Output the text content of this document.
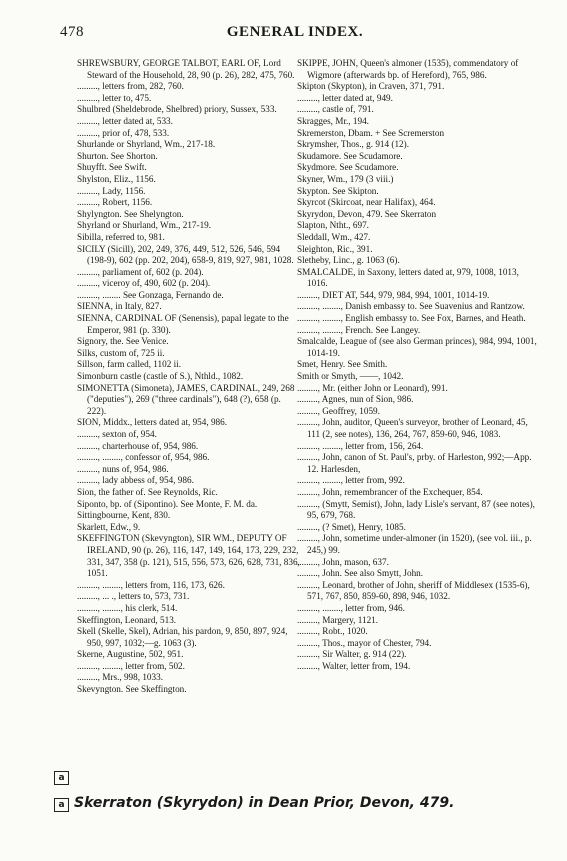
478	GENERAL INDEX.
SHREWSBURY, GEORGE TALBOT, EARL OF, Lord Steward of the Household, 28, 90 (p. 26), 282, 475, 760.
........., letters from, 282, 760.
........., letter to, 475.
Shulbred (Sheldebrode, Shelbred) priory, Sussex, 533.
........., letter dated at, 533.
........., prior of, 478, 533.
Shurlande or Shyrland, Wm., 217-18.
Shurton. See Shorton.
Shuyfft. See Swift.
Shylston, Eliz., 1156.
........., Lady, 1156.
........., Robert, 1156.
Shylyngton. See Shelyngton.
Shyrland or Shurland, Wm., 217-19.
Sibilla, referred to, 981.
SICILY (Sicill), 202, 249, 376, 449, 512, 526, 546, 594 (198-9), 602 (pp. 202, 204), 658-9, 819, 927, 981, 1028.
........., parliament of, 602 (p. 204).
........., viceroy of, 490, 602 (p. 204).
........., ........ See Gonzaga, Fernando de.
SIENNA, in Italy, 827.
SIENNA, CARDINAL OF (Senensis), papal legate to the Emperor, 981 (p. 330).
Signory, the. See Venice.
Silks, custom of, 725 ii.
Sillson, farm called, 1102 ii.
Simonburn castle (castle of S.), Nthld., 1082.
SIMONETTA (Simoneta), JAMES, CARDINAL, 249, 268 ("deputies"), 269 ("three cardinals"), 648 (?), 658 (p. 222).
SION, Middx., letters dated at, 954, 986.
........., sexton of, 954.
........., charterhouse of, 954, 986.
........., ........, confessor of, 954, 986.
........., nuns of, 954, 986.
........., lady abbess of, 954, 986.
Sion, the father of. See Reynolds, Ric.
Siponto, bp. of (Sipontino). See Monte, F. M. da.
Sittingbourne, Kent, 830.
Skarlett, Edw., 9.
SKEFFINGTON (Skevyngton), SIR WM., DEPUTY OF IRELAND, 90 (p. 26), 116, 147, 149, 164, 173, 229, 232, 331, 347, 358 (p. 121), 515, 556, 573, 626, 628, 731, 836, 1051.
........., ........, letters from, 116, 173, 626.
........., ... ., letters to, 573, 731.
........., ........, his clerk, 514.
Skeffington, Leonard, 513.
Skell (Skelle, Skel), Adrian, his pardon, 9, 850, 897, 924, 950, 997, 1032;—g. 1063 (3).
Skerne, Augustine, 502, 951.
........., ........, letter from, 502.
........., Mrs., 998, 1033.
Skevyngton. See Skeffington.
SKIPPE, JOHN, Queen's almoner (1535), commendatory of Wigmore (afterwards bp. of Hereford), 765, 986.
Skipton (Skypton), in Craven, 371, 791.
........., letter dated at, 949.
........., castle of, 791.
Skragges, Mr., 194.
Skremerston, Dbam. + See Scremerston
Skrymsher, Thos., g. 914 (12).
Skudamore. See Scudamore.
Skydmore. See Scudamore.
Skyner, Wm., 179 (3 viii.)
Skypton. See Skipton.
Skyrcot (Skircoat, near Halifax), 464.
Skyrydon, Devon, 479. See Skerraton
Slapton, Ntht., 697.
Sleddall, Wm., 427.
Sleighton, Ric., 391.
Sletheby, Linc., g. 1063 (6).
SMALCALDE, in Saxony, letters dated at, 979, 1008, 1013, 1016.
........., DIET AT, 544, 979, 984, 994, 1001, 1014-19.
........., ........, Danish embassy to. See Suavenius and Rantzow.
........., ........, English embassy to. See Fox, Barnes, and Heath.
........., ........, French. See Langey.
Smalcalde, League of (see also German princes), 984, 994, 1001, 1014-19.
Smet, Henry. See Smith.
Smith or Smyth, ——, 1042.
........., Mr. (either John or Leonard), 991.
........., Agnes, nun of Sion, 986.
........., Geoffrey, 1059.
........., John, auditor, Queen's surveyor, brother of Leonard, 45, 111 (2, see notes), 136, 264, 767, 859-60, 946, 1083.
........., ........, letter from, 156, 264.
........., John, canon of St. Paul's, prby. of Harleston, 992;—App. 12. Harlesden,
........., ........, letter from, 992.
........., John, remembrancer of the Exchequer, 854.
........., (Smytt, Semist), John, lady Lisle's servant, 87 (see notes), 95, 679, 768.
........., (? Smet), Henry, 1085.
........., John, sometime under-almoner (in 1520), (see vol. iii., p. 245,) 99.
........., John, mason, 637.
........., John. See also Smytt, John.
........., Leonard, brother of John, sheriff of Middlesex (1535-6), 571, 767, 850, 859-60, 898, 946, 1032.
........., ........, letter from, 946.
........., Margery, 1121.
........., Robt., 1020.
........., Thos., mayor of Chester, 794.
........., Sir Walter, g. 914 (22).
........., Walter, letter from, 194.
a
a Skerraton (Skyrydon) in Dean Prior, Devon, 479.
